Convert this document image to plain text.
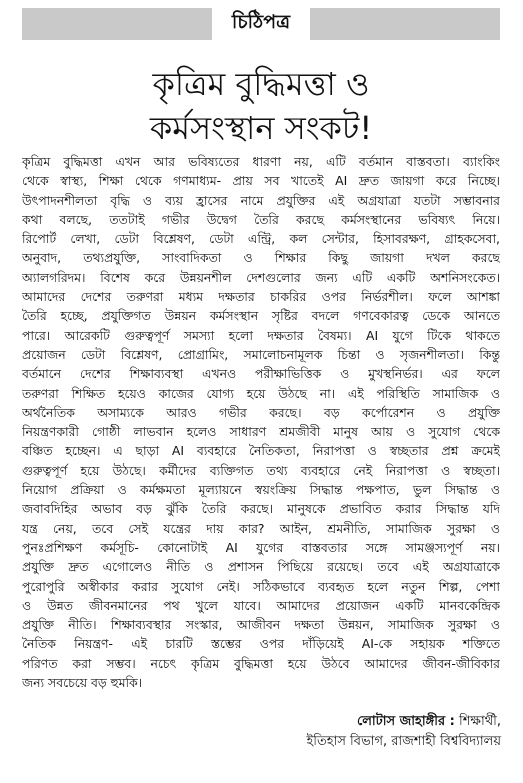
চিঠিপত্র
কৃত্রিম বুদ্ধিমত্তা ও
কর্মসংস্থান সংকট!
কৃত্রিম বুদ্ধিমত্তা এখন আর ভবিষ্যতের ধারণা নয়, এটি বর্তমান বাস্তবতা। ব্যাংকিং
থেকে স্বাস্থ্য, শিক্ষা থেকে গণমাধ্যম- প্রায় সব খাতেই AI দ্রুত জায়গা করে নিচ্ছে।
উৎপাদনশীলতা বৃদ্ধি ও ব্যয় হ্রাসের নামে প্রযুক্তির এই অগ্রযাত্রা যতটা সম্ভাবনার
কথা বলছে, ততটাই গভীর উদ্বেগ তৈরি করছে কর্মসংস্থানের ভবিষ্যৎ নিয়ে।
রিপোর্ট লেখা, ডেটা বিশ্লেষণ, ডেটা এন্ট্রি, কল সেন্টার, হিসাবরক্ষণ, গ্রাহকসেবা,
অনুবাদ, তথ্যপ্রযুক্তি, সাংবাদিকতা ও শিক্ষার কিছু জায়গা দখল করছে
অ্যালগরিদম। বিশেষ করে উন্নয়নশীল দেশগুলোর জন্য এটি একটি অশনিসংকেত।
আমাদের দেশের তরুণরা মধ্যম দক্ষতার চাকরির ওপর নির্ভরশীল। ফলে আশঙ্কা
তৈরি হচ্ছে, প্রযুক্তিগত উন্নয়ন কর্মসংস্থান সৃষ্টির বদলে গণবেকারত্ব ডেকে আনতে
পারে। আরেকটি গুরুত্বপূর্ণ সমস্যা হলো দক্ষতার বৈষম্য। AI যুগে টিকে থাকতে
প্রয়োজন ডেটা বিশ্লেষণ, প্রোগ্রামিং, সমালোচনামূলক চিন্তা ও সৃজনশীলতা। কিন্তু
বর্তমানে দেশের শিক্ষাব্যবস্থা এখনও পরীক্ষাভিত্তিক ও মুখস্থনির্ভর। এর ফলে
তরুণরা শিক্ষিত হয়েও কাজের যোগ্য হয়ে উঠছে না। এই পরিস্থিতি সামাজিক ও
অর্থনৈতিক অসাম্যকে আরও গভীর করছে। বড় কর্পোরেশন ও প্রযুক্তি
নিয়ন্ত্রণকারী গোষ্ঠী লাভবান হলেও সাধারণ শ্রমজীবী মানুষ আয় ও সুযোগ থেকে
বঞ্চিত হচ্ছেন। এ ছাড়া AI ব্যবহারে নৈতিকতা, নিরাপত্তা ও স্বচ্ছতার প্রশ্ন ক্রমেই
গুরুত্বপূর্ণ হয়ে উঠছে। কর্মীদের ব্যক্তিগত তথ্য ব্যবহারে নেই নিরাপত্তা ও স্বচ্ছতা।
নিয়োগ প্রক্রিয়া ও কর্মক্ষমতা মূল্যায়নে স্বয়ংক্রিয় সিদ্ধান্ত পক্ষপাত, ভুল সিদ্ধান্ত ও
জবাবদিহির অভাব বড় ঝুঁকি তৈরি করছে। মানুষকে প্রভাবিত করার সিদ্ধান্ত যদি
যন্ত্র নেয়, তবে সেই যন্ত্রের দায় কার? আইন, শ্রমনীতি, সামাজিক সুরক্ষা ও
পুনঃপ্রশিক্ষণ কর্মসূচি- কোনোটাই AI যুগের বাস্তবতার সঙ্গে সামঞ্জস্যপূর্ণ নয়।
প্রযুক্তি দ্রুত এগোলেও নীতি ও প্রশাসন পিছিয়ে রয়েছে। তবে এই অগ্রযাত্রাকে
পুরোপুরি অস্বীকার করার সুযোগ নেই। সঠিকভাবে ব্যবহৃত হলে নতুন শিল্প, পেশা
ও উন্নত জীবনমানের পথ খুলে যাবে। আমাদের প্রয়োজন একটি মানবকেন্দ্রিক
প্রযুক্তি নীতি। শিক্ষাব্যবস্থার সংস্কার, আজীবন দক্ষতা উন্নয়ন, সামাজিক সুরক্ষা ও
নৈতিক নিয়ন্ত্রণ- এই চারটি স্তম্ভের ওপর দাঁড়িয়েই AI-কে সহায়ক শক্তিতে
পরিণত করা সম্ভব। নচেৎ কৃত্রিম বুদ্ধিমত্তা হয়ে উঠবে আমাদের জীবন-জীবিকার
জন্য সবচেয়ে বড় হুমকি।
লোটাস জাহাঙ্গীর : শিক্ষার্থী,
ইতিহাস বিভাগ, রাজশাহী বিশ্ববিদ্যালয়
